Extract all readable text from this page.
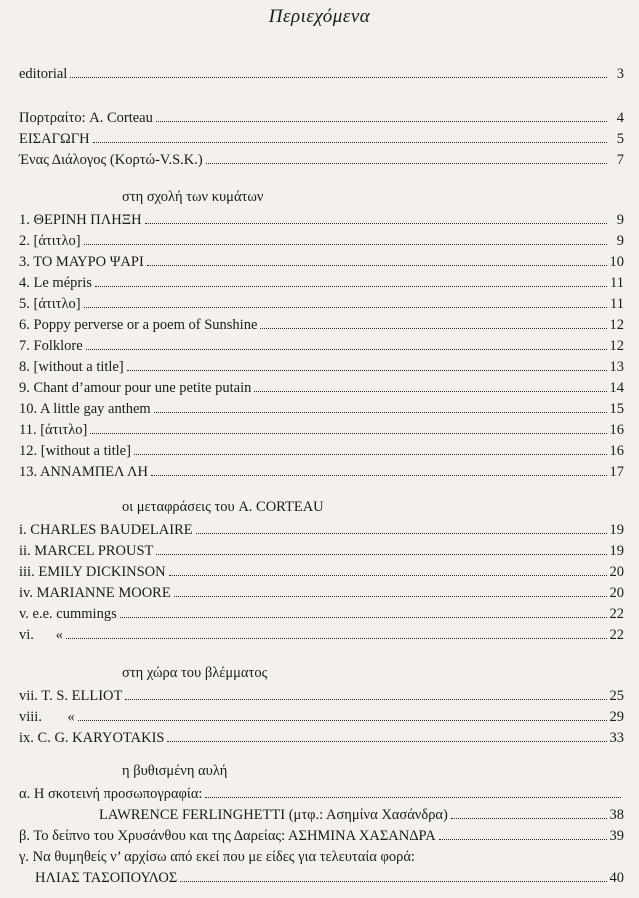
Περιεχόμενα
editorial	3
Πορτραίτο: A. Corteau	4
ΕΙΣΑΓΩΓΗ	5
Ένας Διάλογος (Κορτώ-V.S.K.)	7
στη σχολή των κυμάτων
1. ΘΕΡΙΝΗ ΠΛΗΞΗ	9
2. [άτιτλο]	9
3. ΤΟ ΜΑΥΡΟ ΨΑΡΙ	10
4. Le mépris	11
5. [άτιτλο]	11
6. Poppy perverse or a poem of Sunshine	12
7. Folklore	12
8. [without a title]	13
9. Chant d’amour pour une petite putain	14
10. A little gay anthem	15
11. [άτιτλο]	16
12. [without a title]	16
13. ΑΝΝΑΜΠΕΛ ΛΗ	17
οι μεταφράσεις του A. CORTEAU
i. CHARLES BAUDELAIRE	19
ii. MARCEL PROUST	19
iii. EMILY DICKINSON	20
iv. MARIANNE MOORE	20
v. e.e. cummings	22
vi.      «	22
στη χώρα του βλέμματος
vii. T. S. ELLIOT	25
viii.       «	29
ix. C. G. KARYOTAKIS	33
η βυθισμένη αυλή
α. Η σκοτεινή προσωπογραφία:
LAWRENCE FERLINGHETTI (μτφ.: Ασημίνα Χασάνδρα)	38
β. Το δείπνο του Χρυσάνθου και της Δαρείας: ΑΣΗΜΙΝΑ ΧΑΣΑΝΔΡΑ	39
γ. Να θυμηθείς ν’ αρχίσω από εκεί που με είδες για τελευταία φορά:
ΗΛΙΑΣ ΤΑΣΟΠΟΥΛΟΣ	40
